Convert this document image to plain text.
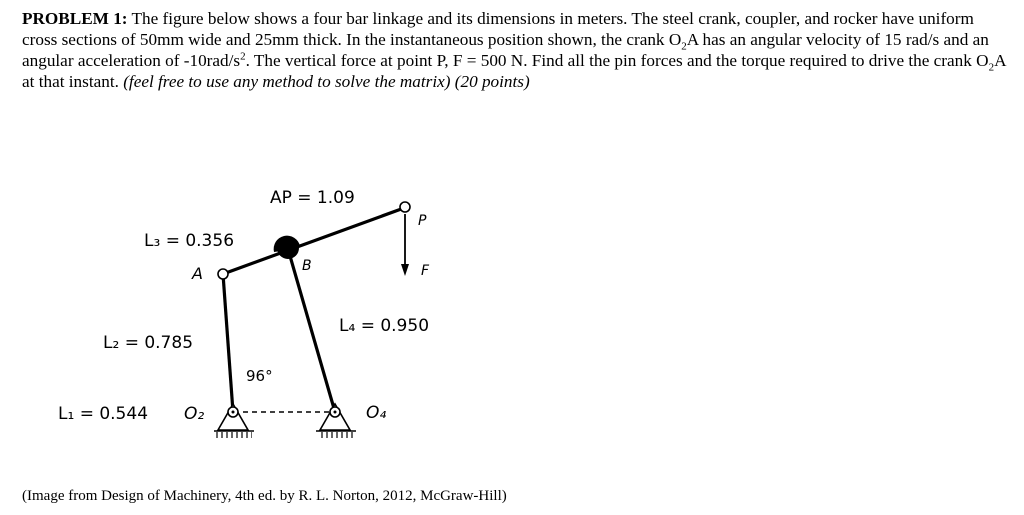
PROBLEM 1: The figure below shows a four bar linkage and its dimensions in meters. The steel crank, coupler, and rocker have uniform cross sections of 50mm wide and 25mm thick. In the instantaneous position shown, the crank $O_2A$ has an angular velocity of 15 rad/s and an angular acceleration of $-10rad/s^2$. The vertical force at point P, F = 500 N. Find all the pin forces and the torque required to drive the crank $O_2A$ at that instant. (feel free to use any method to solve the matrix) (20 points)
AP = 1.09
L₃ = 0.356
A	B
P
F
L₄ = 0.950
L₂ = 0.785
96°
L₁ = 0.544 O₂	O₄
(Image from Design of Machinery, 4th ed. by R. L. Norton, 2012, McGraw-Hill)
